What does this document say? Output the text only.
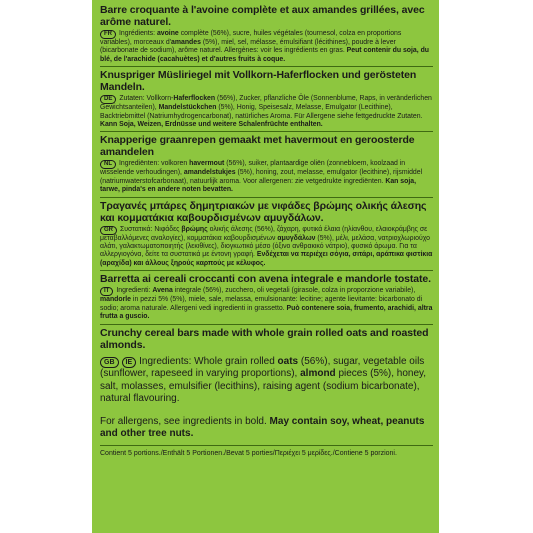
Barre croquante à l'avoine complète et aux amandes grillées, avec arôme naturel.
FR Ingrédients: avoine complète (56%), sucre, huiles végétales (tournesol, colza en proportions variables), morceaux d'amandes (5%), miel, sel, mélasse, émulsifiant (lécithines), poudre à lever (bicarbonate de sodium), arôme naturel. Allergènes: voir les ingrédients en gras. Peut contenir du soja, du blé, de l'arachide (cacahuètes) et d'autres fruits à coque.
Knuspriger Müsliriegel mit Vollkorn-Haferflocken und gerösteten Mandeln.
DE Zutaten: Vollkorn-Haferflocken (56%), Zucker, pflanzliche Öle (Sonnenblume, Raps, in veränderlichen Gewichtsanteilen), Mandelstückchen (5%), Honig, Speisesalz, Melasse, Emulgator (Lecithine), Backtriebmittel (Natriumhydrogencarbonat), natürliches Aroma. Für Allergene siehe fettgedruckte Zutaten. Kann Soja, Weizen, Erdnüsse und weitere Schalenfrüchte enthalten.
Knapperige graanrepen gemaakt met havermout en geroosterde amandelen
NL Ingrediënten: volkoren havermout (56%), suiker, plantaardige oliën (zonnebloem, koolzaad in wisselende verhoudingen), amandelstukjes (5%), honing, zout, melasse, emulgator (lecithine), rijsmiddel (natriumwaterstofcarbonaat), natuurlijk aroma. Voor allergenen: zie vetgedrukte ingrediënten. Kan soja, tarwe, pinda's en andere noten bevatten.
Τραγανές μπάρες δημητριακών με νιφάδες βρώμης ολικής άλεσης και κομματάκια καβουρδισμένων αμυγδάλων.
GR Συστατικά: Νιφάδες βρώμης ολικής άλεσης (56%), ζάχαρη, φυτικά έλαια (ηλίανθου, ελαιοκράμβης σε μεταβαλλόμενες αναλογίες), κομματάκια καβουρδισμένων αμυγδάλων (5%), μέλι, μελάσα, νατριοχλωριούχο αλάτι, γαλακτωματοποιητής (λεκιθίνες), διογκωτικό μέσο (όξινο ανθρακικό νάτριο), φυσικό άρωμα. Για τα αλλεργιογόνα, δείτε τα συστατικά με έντονη γραφή. Ενδέχεται να περιέχει σόγια, σιτάρι, αράπικα φιστίκια (αραχίδα) και άλλους ξηρούς καρπούς με κέλυφος.
Barretta ai cereali croccanti con avena integrale e mandorle tostate.
IT Ingredienti: Avena integrale (56%), zucchero, oli vegetali (girasole, colza in proporzione variabile), mandorle in pezzi 5% (5%), miele, sale, melassa, emulsionante: lecitine; agente lievitante: bicarbonato di sodio; aroma naturale. Allergeni vedi ingredienti in grassetto. Può contenere soia, frumento, arachidi, altra frutta a guscio.
Crunchy cereal bars made with whole grain rolled oats and roasted almonds.
GB IE Ingredients: Whole grain rolled oats (56%), sugar, vegetable oils (sunflower, rapeseed in varying proportions), almond pieces (5%), honey, salt, molasses, emulsifier (lecithins), raising agent (sodium bicarbonate), natural flavouring.
For allergens, see ingredients in bold. May contain soy, wheat, peanuts and other tree nuts.
Contient 5 portions./Enthält 5 Portionen./Bevat 5 porties/Περιέχει 5 μερίδες./Contiene 5 porzioni.
